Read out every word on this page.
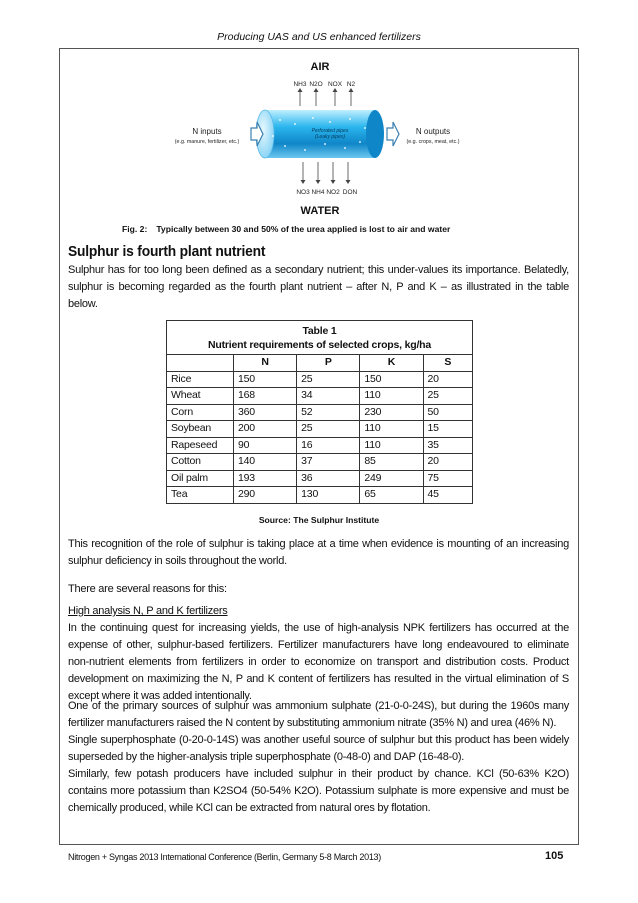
Producing UAS and US enhanced fertilizers
AIR
NH3 N2O NOX N2
Perforated pipes
(Leaky pipes)
N inputs
(e.g. manure, fertilizer, etc.)
N outputs
(e.g. crops, meat, etc.)
NO3 NH4 NO2 DON
WATER
Fig. 2: Typically between 30 and 50% of the urea applied is lost to air and water
Sulphur is fourth plant nutrient
Sulphur has for too long been defined as a secondary nutrient; this under-values its importance. Belatedly, sulphur is becoming regarded as the fourth plant nutrient – after N, P and K – as illustrated in the table below.
Table 1
Nutrient requirements of selected crops, kg/ha				

	N	P	K	S
Rice	150	25	150	20
Wheat	168	34	110	25
Corn	360	52	230	50
Soybean	200	25	110	15
Rapeseed	90	16	110	35
Cotton	140	37	85	20
Oil palm	193	36	249	75
Tea	290	130	65	45
Source: The Sulphur Institute
This recognition of the role of sulphur is taking place at a time when evidence is mounting of an increasing sulphur deficiency in soils throughout the world.
There are several reasons for this:
High analysis N, P and K fertilizers
In the continuing quest for increasing yields, the use of high-analysis NPK fertilizers has occurred at the expense of other, sulphur-based fertilizers. Fertilizer manufacturers have long endeavoured to eliminate non-nutrient elements from fertilizers in order to economize on transport and distribution costs. Product development on maximizing the N, P and K content of fertilizers has resulted in the virtual elimination of S except where it was added intentionally.
One of the primary sources of sulphur was ammonium sulphate (21-0-0-24S), but during the 1960s many fertilizer manufacturers raised the N content by substituting ammonium nitrate (35% N) and urea (46% N).
Single superphosphate (0-20-0-14S) was another useful source of sulphur but this product has been widely superseded by the higher-analysis triple superphosphate (0-48-0) and DAP (16-48-0).
Similarly, few potash producers have included sulphur in their product by chance. KCl (50-63% K2O) contains more potassium than K2SO4 (50-54% K2O). Potassium sulphate is more expensive and must be chemically produced, while KCl can be extracted from natural ores by flotation.
Nitrogen + Syngas 2013 International Conference (Berlin, Germany 5-8 March 2013)	105
